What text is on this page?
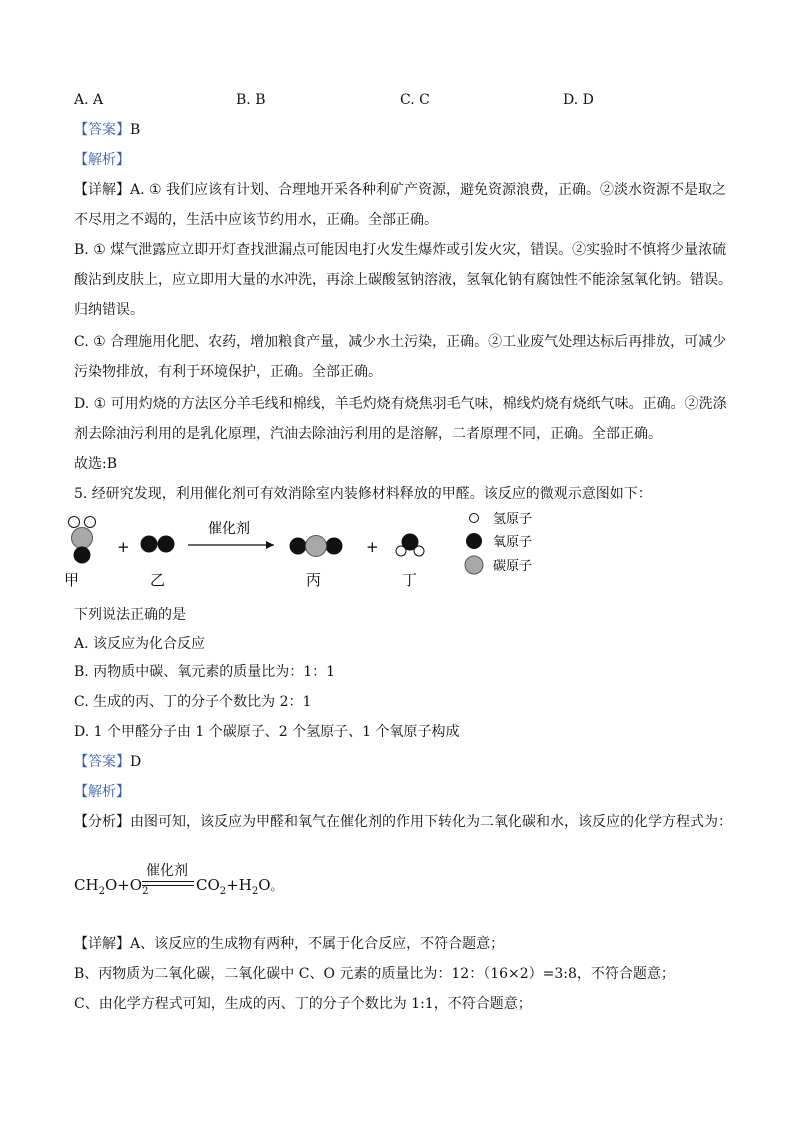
A. A	B. B	C. C	D. D
【答案】B
【解析】
【详解】A. ① 我们应该有计划、合理地开采各种利矿产资源，避免资源浪费，正确。②淡水资源不是取之
不尽用之不竭的，生活中应该节约用水，正确。全部正确。
B. ① 煤气泄露应立即开灯查找泄漏点可能因电打火发生爆炸或引发火灾，错误。②实验时不慎将少量浓硫
酸沾到皮肤上，应立即用大量的水冲洗，再涂上碳酸氢钠溶液，氢氧化钠有腐蚀性不能涂氢氧化钠。错误。
归纳错误。
C. ① 合理施用化肥、农药，增加粮食产量，减少水土污染，正确。②工业废气处理达标后再排放，可减少
污染物排放，有利于环境保护，正确。全部正确。
D. ① 可用灼烧的方法区分羊毛线和棉线，羊毛灼烧有烧焦羽毛气味，棉线灼烧有烧纸气味。正确。②洗涤
剂去除油污利用的是乳化原理，汽油去除油污利用的是溶解，二者原理不同，正确。全部正确。
故选:B
5. 经研究发现，利用催化剂可有效消除室内装修材料释放的甲醛。该反应的微观示意图如下：
甲
+
乙
催化剂
丙
+
丁
氢原子
氧原子
碳原子
下列说法正确的是
A. 该反应为化合反应
B. 丙物质中碳、氧元素的质量比为：1：1
C. 生成的丙、丁的分子个数比为 2：1
D. 1 个甲醛分子由 1 个碳原子、2 个氢原子、1 个氧原子构成
【答案】D
【解析】
【分析】由图可知，该反应为甲醛和氧气在催化剂的作用下转化为二氧化碳和水，该反应的化学方程式为：
催化剂
$CH_2O+O_2$	$CO_2+H_2O$。
【详解】A、该反应的生成物有两种，不属于化合反应，不符合题意；
B、丙物质为二氧化碳，二氧化碳中 C、O 元素的质量比为：12：（16×2）=3:8，不符合题意；
C、由化学方程式可知，生成的丙、丁的分子个数比为 1:1，不符合题意；
